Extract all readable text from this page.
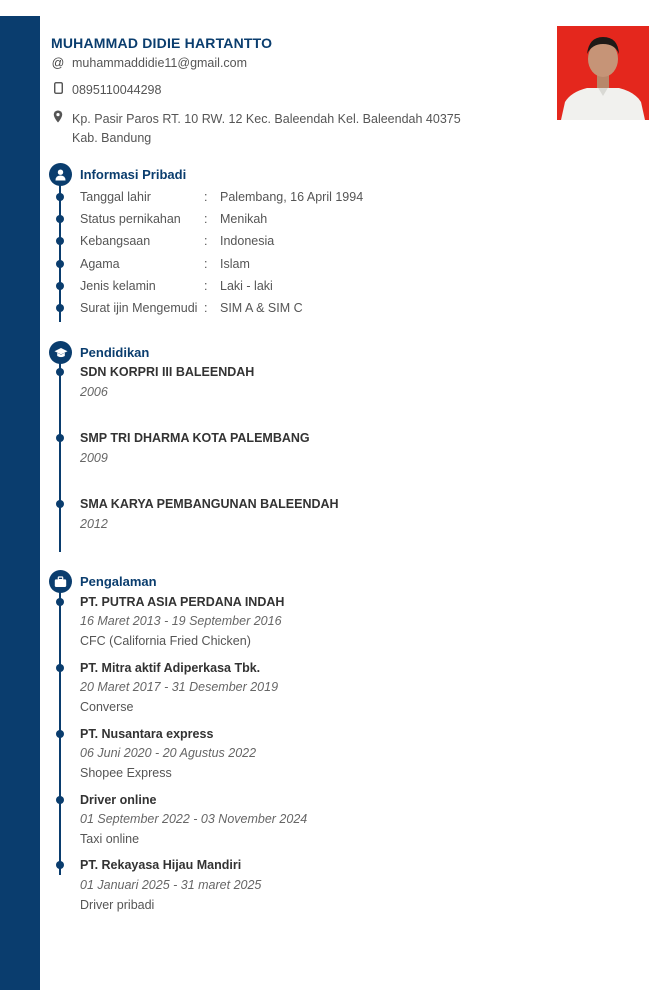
MUHAMMAD DIDIE HARTANTTO
@ muhammaddidie11@gmail.com
0895110044298
Kp. Pasir Paros RT. 10 RW. 12 Kec. Baleendah Kel. Baleendah 40375
Kab. Bandung
Informasi Pribadi
Tanggal lahir	: Palembang, 16 April 1994
Status pernikahan : Menikah
Kebangsaan	: Indonesia
Agama	: Islam
Jenis kelamin	: Laki - laki
Surat ijin Mengemudi : SIM A & SIM C
Pendidikan
SDN KORPRI III BALEENDAH
2006
SMP TRI DHARMA KOTA PALEMBANG
2009
SMA KARYA PEMBANGUNAN BALEENDAH
2012
Pengalaman
PT. PUTRA ASIA PERDANA INDAH
16 Maret 2013 - 19 September 2016
CFC (California Fried Chicken)
PT. Mitra aktif Adiperkasa Tbk.
20 Maret 2017 - 31 Desember 2019
Converse
PT. Nusantara express
06 Juni 2020 - 20 Agustus 2022
Shopee Express
Driver online
01 September 2022 - 03 November 2024
Taxi online
PT. Rekayasa Hijau Mandiri
01 Januari 2025 - 31 maret 2025
Driver pribadi
